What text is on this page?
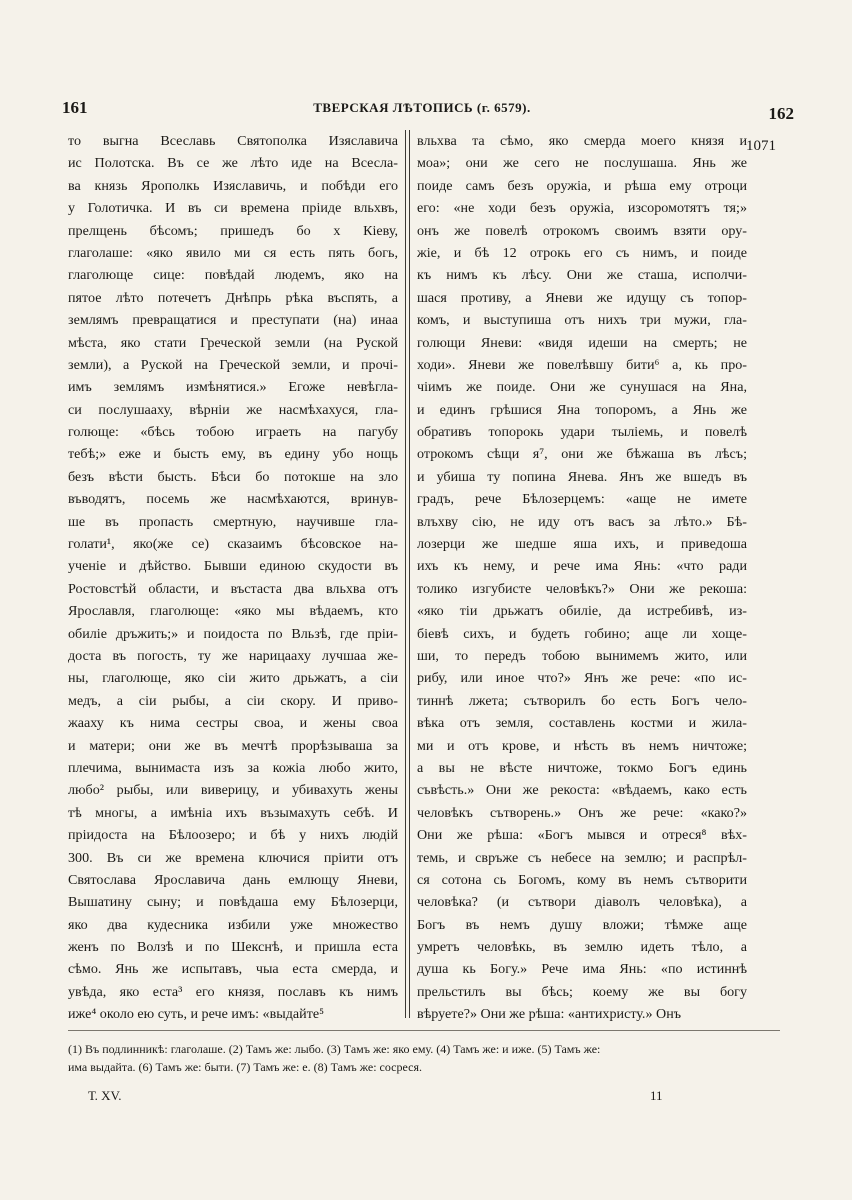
161	ТВЕРСКАЯ ЛѢТОПИСЬ (г. 6579).	162
1071
то выгна Всеславь Святополка Изяславича
ис Полотска. Въ се же лѣто иде на Всесла-
ва князь Ярополкь Изяславичь, и побѣди его
у Голотичка. И въ си времена пріиде вльхвъ,
прелщень бѣсомъ; пришедъ бо х Кіеву,
глаголаше: «яко явило ми ся есть пять богь,
глаголюще сице: повѣдай людемъ, яко на
пятое лѣто потечетъ Днѣпрь рѣка въспять, а
землямъ превращатися и преступати (на) инаа
мѣста, яко стати Греческой земли (на Руской
земли), а Руской на Греческой земли, и прочі-
имъ землямъ измѣнятися.» Егоже невѣгла-
си послушааху, вѣрніи же насмѣхахуся, гла-
голюще: «бѣсь тобою играеть на пагубу
тебѣ;» еже и бысть ему, въ едину убо нощь
безъ вѣсти бысть. Бѣси бо потокше на зло
въводятъ, посемь же насмѣхаются, вринув-
ше въ пропасть смертную, научивше гла-
голати¹, яко(же се) сказаимъ бѣсовское на-
ученіе и дѣйство. Бывши единою скудости въ
Ростовстѣй области, и въстаста два вльхва отъ
Ярославля, глаголюще: «яко мы вѣдаемъ, кто
обиліе дръжить;» и поидоста по Вльзѣ, где пріи-
доста въ погость, ту же нарицааху лучшаа же-
ны, глаголюще, яко сіи жито дрьжатъ, а сіи
медъ, а сіи рыбы, а сіи скору. И приво-
жааху къ нима сестры своа, и жены своа
и матери; они же въ мечтѣ прорѣзываша за
плечима, вынимаста изъ за кожіа любо жито,
любо² рыбы, или виверицу, и убивахуть жены
тѣ многы, а имѣніа ихъ възымахуть себѣ. И
пріидоста на Бѣлоозеро; и бѣ у нихъ людій
300. Въ си же времена ключися пріити отъ
Святослава Ярославича дань емлющу Яневи,
Вышатину сыну; и повѣдаша ему Бѣлозерци,
яко два кудесника избили уже множество
женъ по Волзѣ и по Шекснѣ, и пришла еста
сѣмо. Янь же испытавъ, чыа еста смерда, и
увѣда, яко еста³ его князя, пославъ къ нимъ
иже⁴ около ею суть, и рече имъ: «выдайте⁵
вльхва та сѣмо, яко смерда моего князя и
моа»; они же сего не послушаша. Янь же
поиде самъ безъ оружіа, и рѣша ему отроци
его: «не ходи безъ оружіа, изсоромотятъ тя;»
онъ же повелѣ отрокомъ своимъ взяти ору-
жіе, и бѣ 12 отрокь его съ нимъ, и поиде
къ нимъ къ лѣсу. Они же сташа, исполчи-
шася противу, а Яневи же идущу съ топор-
комъ, и выступиша отъ нихъ три мужи, гла-
голющи Яневи: «видя идеши на смерть; не
ходи». Яневи же повелѣвшу бити⁶ а, кь про-
чіимъ же поиде. Они же сунушася на Яна,
и единъ грѣшися Яна топоромъ, а Янь же
обративъ топорокь удари тыліемь, и повелѣ
отрокомъ сѣщи я⁷, они же бѣжаша въ лѣсъ;
и убиша ту попина Янева. Янъ же вшедъ въ
градъ, рече Бѣлозерцемъ: «аще не имете
влъхву сію, не иду отъ васъ за лѣто.» Бѣ-
лозерци же шедше яша ихъ, и приведоша
ихъ къ нему, и рече има Янь: «что ради
толико изгубисте человѣкъ?» Они же рекоша:
«яко тіи дрьжатъ обиліе, да истребивѣ, из-
біевѣ сихъ, и будеть гобино; аще ли хоще-
ши, то передъ тобою вынимемъ жито, или
рибу, или иное что?» Янъ же рече: «по ис-
тиннѣ лжета; сътворилъ бо есть Богъ чело-
вѣка отъ земля, составлень костми и жила-
ми и отъ крове, и нѣсть въ немъ ничтоже;
а вы не вѣсте ничтоже, токмо Богъ единь
съвѣсть.» Они же рекоста: «вѣдаемъ, како есть
человѣкъ сътворень.» Онъ же рече: «како?»
Они же рѣша: «Богъ мывся и отреся⁸ вѣх-
темь, и свръже съ небесе на землю; и распрѣл-
ся сотона сь Богомъ, кому въ немъ сътворити
человѣка? (и сътвори діаволъ человѣка), а
Богъ въ немъ душу вложи; тѣмже аще
умретъ человѣкь, въ землю идеть тѣло, а
душа кь Богу.» Рече има Янь: «по истиннѣ
прельстилъ вы бѣсь; коему же вы богу
вѣруете?» Они же рѣша: «антихристу.» Онъ
(1) Въ подлинникѣ: глаголаше. (2) Тамъ же: лыбо. (3) Тамъ же: яко ему. (4) Тамъ же: и иже. (5) Тамъ же:
има выдайта. (6) Тамъ же: быти. (7) Тамъ же: е. (8) Тамъ же: сосреся.
Т. XV.	11
